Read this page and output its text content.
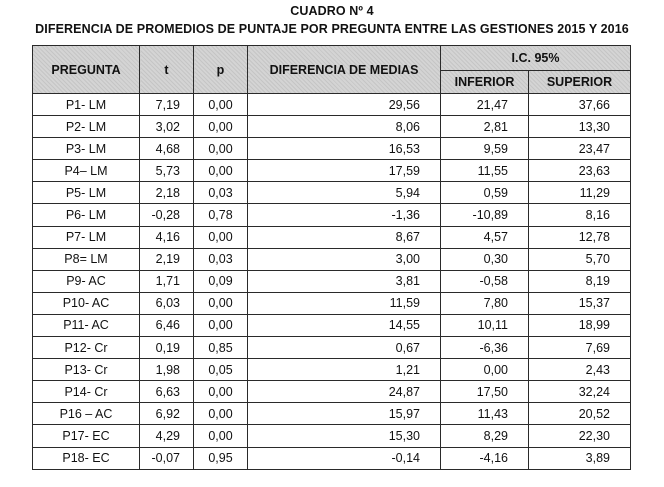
CUADRO Nº 4
DIFERENCIA DE PROMEDIOS DE PUNTAJE POR PREGUNTA ENTRE LAS GESTIONES 2015 Y 2016
PREGUNTA	t	p	DIFERENCIA DE MEDIAS	I.C. 95%	
				INFERIOR	SUPERIOR
P1- LM	7,19	0,00	29,56	21,47	37,66
P2- LM	3,02	0,00	8,06	2,81	13,30
P3- LM	4,68	0,00	16,53	9,59	23,47
P4– LM	5,73	0,00	17,59	11,55	23,63
P5- LM	2,18	0,03	5,94	0,59	11,29
P6- LM	-0,28	0,78	-1,36	-10,89	8,16
P7- LM	4,16	0,00	8,67	4,57	12,78
P8= LM	2,19	0,03	3,00	0,30	5,70
P9- AC	1,71	0,09	3,81	-0,58	8,19
P10- AC	6,03	0,00	11,59	7,80	15,37
P11- AC	6,46	0,00	14,55	10,11	18,99
P12- Cr	0,19	0,85	0,67	-6,36	7,69
P13- Cr	1,98	0,05	1,21	0,00	2,43
P14- Cr	6,63	0,00	24,87	17,50	32,24
P16 – AC	6,92	0,00	15,97	11,43	20,52
P17- EC	4,29	0,00	15,30	8,29	22,30
P18- EC	-0,07	0,95	-0,14	-4,16	3,89
